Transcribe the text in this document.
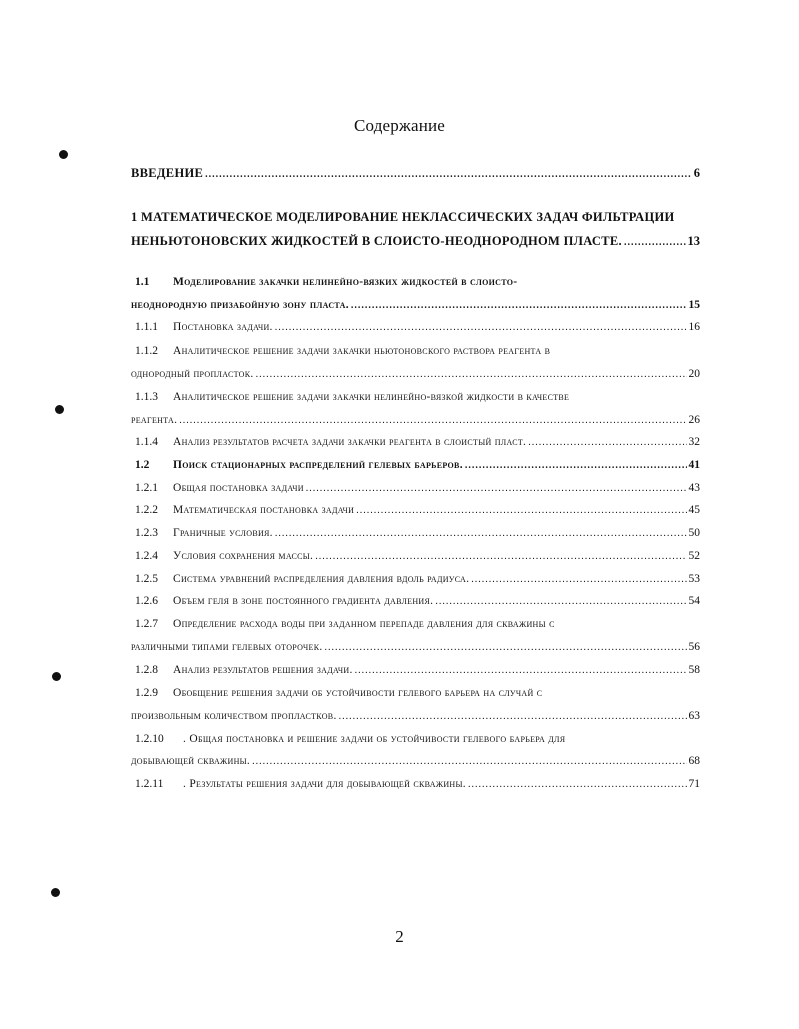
Содержание
ВВЕДЕНИЕ .....	6
1 МАТЕМАТИЧЕСКОЕ МОДЕЛИРОВАНИЕ НЕКЛАССИЧЕСКИХ ЗАДАЧ ФИЛЬТРАЦИИ
НЕНЬЮТОНОВСКИХ ЖИДКОСТЕЙ В СЛОИСТО-НЕОДНОРОДНОМ ПЛАСТЕ. .....	13
1.1	Моделирование закачки нелинейно-вязких жидкостей в слоисто-
неоднородную призабойную зону пласта. .....	15
1.1.1	Постановка задачи. .....	16
1.1.2	Аналитическое решение задачи закачки ньютоновского раствора реагента в
однородный пропласток. .....	20
1.1.3	Аналитическое решение задачи закачки нелинейно-вязкой жидкости в качестве
реагента. .....	26
1.1.4	Анализ результатов расчета задачи закачки реагента в слоистый пласт. .....	32
1.2	Поиск стационарных распределений гелевых барьеров. .....	41
1.2.1	Общая постановка задачи .....	43
1.2.2	Математическая постановка задачи .....	45
1.2.3	Граничные условия. .....	50
1.2.4	Условия сохранения массы. .....	52
1.2.5	Система уравнений распределения давления вдоль радиуса. .....	53
1.2.6	Объем геля в зоне постоянного градиента давления. .....	54
1.2.7	Определение расхода воды при заданном перепаде давления для скважины с
различными типами гелевых оторочек. .....	56
1.2.8	Анализ результатов решения задачи. .....	58
1.2.9	Обобщение решения задачи об устойчивости гелевого барьера на случай с
произвольным количеством пропластков. .....	63
1.2.10	. Общая постановка и решение задачи об устойчивости гелевого барьера для
добывающей скважины. .....	68
1.2.11	. Результаты решения задачи для добывающей скважины. .....	71
2
